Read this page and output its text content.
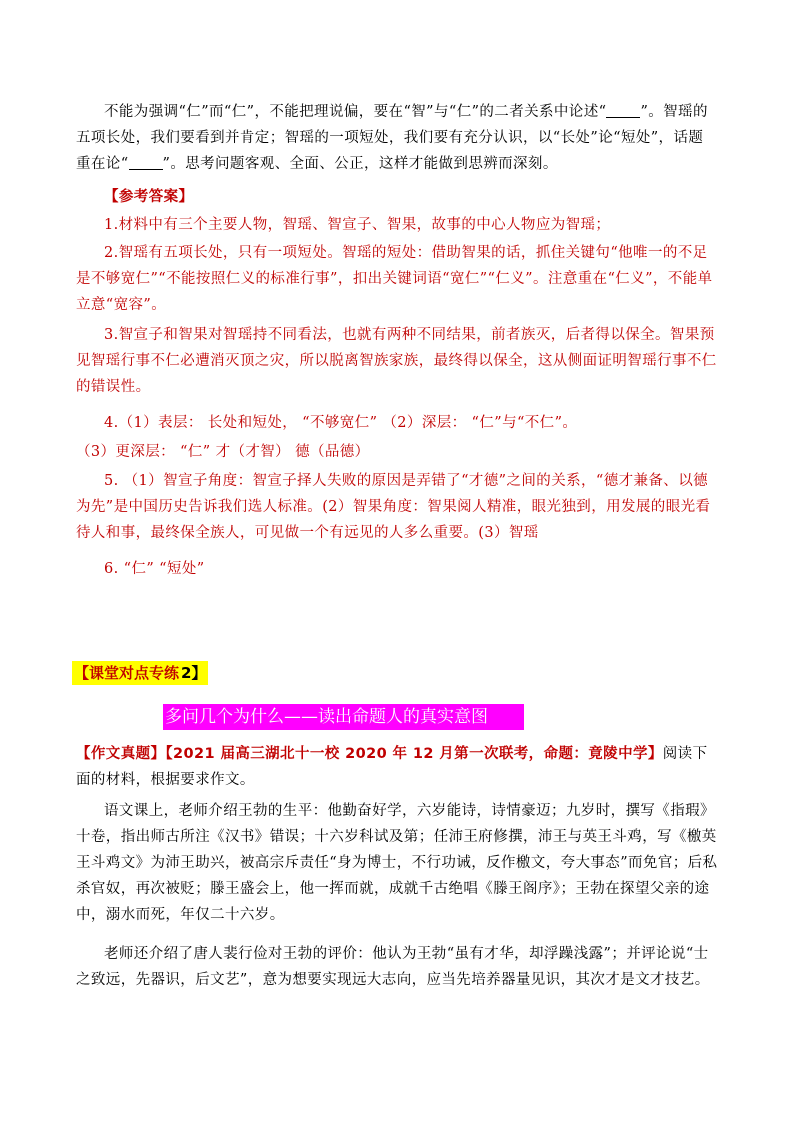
不能为强调“仁”而“仁”，不能把理说偏，要在“智”与“仁”的二者关系中论述“ ”。智瑶的五项长处，我们要看到并肯定；智瑶的一项短处，我们要有充分认识，以“长处”论“短处”，话题重在论“ ”。思考问题客观、全面、公正，这样才能做到思辨而深刻。
【参考答案】
1.材料中有三个主要人物，智瑶、智宣子、智果，故事的中心人物应为智瑶；
2.智瑶有五项长处，只有一项短处。智瑶的短处：借助智果的话，抓住关键句“他唯一的不足是不够宽仁”“不能按照仁义的标准行事”，扣出关键词语“宽仁”“仁义”。注意重在“仁义”，不能单立意“宽容”。
3.智宣子和智果对智瑶持不同看法，也就有两种不同结果，前者族灭，后者得以保全。智果预见智瑶行事不仁必遭消灭顶之灾，所以脱离智族家族，最终得以保全，这从侧面证明智瑶行事不仁的错误性。
4.（1）表层： 长处和短处， “不够宽仁” （2）深层： “仁”与“不仁”。
（3）更深层： “仁” 才（才智） 德（品德）
5. （1）智宣子角度：智宣子择人失败的原因是弄错了“才德”之间的关系，“德才兼备、以德为先”是中国历史告诉我们选人标准。(2）智果角度：智果阅人精准，眼光独到，用发展的眼光看待人和事，最终保全族人，可见做一个有远见的人多么重要。(3）智瑶
6. “仁” “短处”
【课堂对点专练 2】
多问几个为什么——读出命题人的真实意图
【作文真题】【2021 届高三湖北十一校 2020 年 12 月第一次联考，命题：竟陵中学】阅读下面的材料，根据要求作文。
语文课上，老师介绍王勃的生平：他勤奋好学，六岁能诗，诗情豪迈；九岁时，撰写《指瑕》十卷，指出师古所注《汉书》错误；十六岁科试及第；任沛王府修撰，沛王与英王斗鸡，写《檄英王斗鸡文》为沛王助兴，被高宗斥责任“身为博士，不行功诫，反作檄文，夸大事态”而免官；后私杀官奴，再次被贬；滕王盛会上，他一挥而就，成就千古绝唱《滕王阁序》；王勃在探望父亲的途中，溺水而死，年仅二十六岁。
老师还介绍了唐人裴行俭对王勃的评价：他认为王勃“虽有才华，却浮躁浅露”；并评论说“士之致远，先器识，后文艺”，意为想要实现远大志向，应当先培养器量见识，其次才是文才技艺。
